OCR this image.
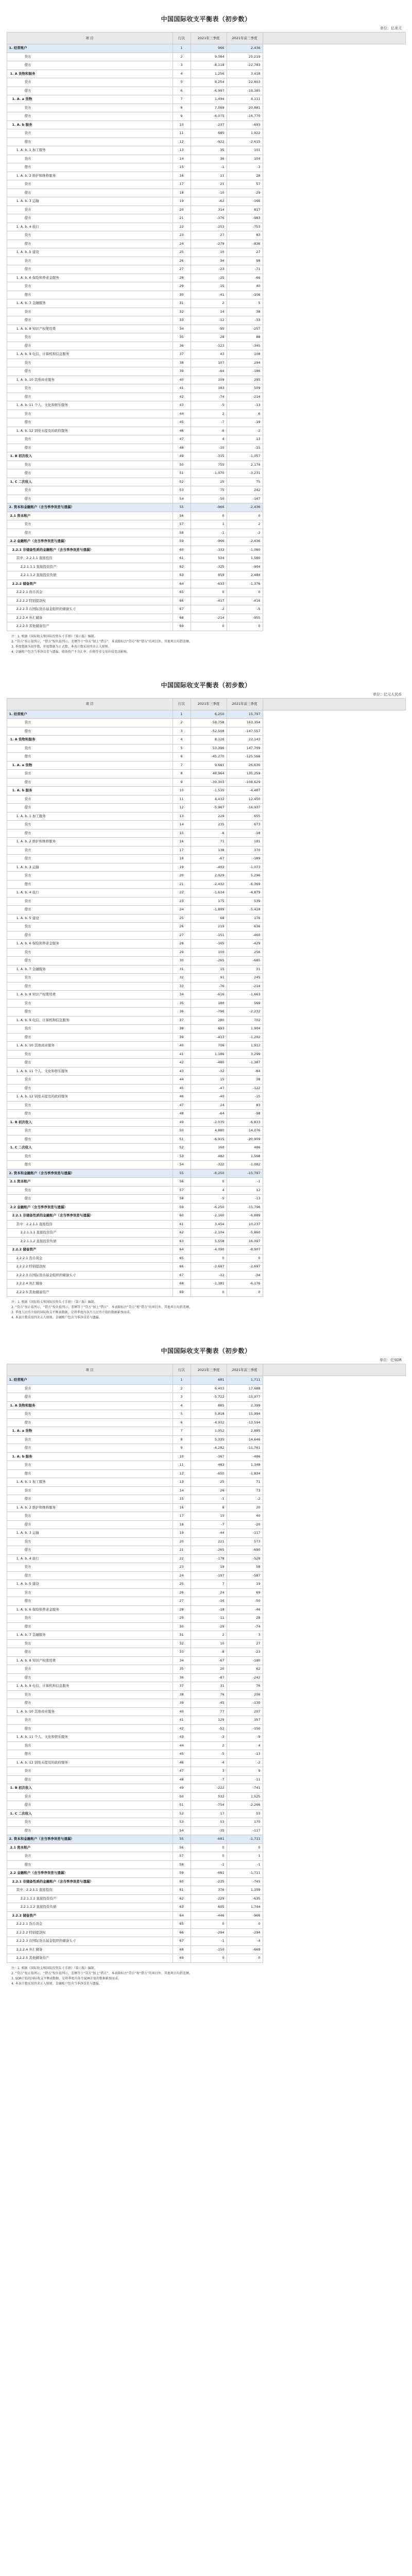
中国国际收支平衡表（初步数）
单位：亿美元
项 目	行次	2021年三季度	2021年前三季度	
1. 经常账户	1	966	2,436	
贷方	2	9,084	25,219	
借方	3	-8,118	-22,783	
1. A 货物和服务	4	1,256	3,418	
贷方	5	8,254	22,803	
借方	6	-6,997	-19,385	
1. A. a 货物	7	1,494	4,111	
贷方	8	7,569	20,881	
借方	9	-6,075	-16,770	
1. A. b 服务	10	-237	-693	
贷方	11	685	1,922	
借方	12	-922	-2,615	
1. A. b. 1 加工服务	13	35	101	
贷方	14	36	104	
借方	15	-1	-3	
1. A. b. 2 维护和维修服务	16	11	28	
贷方	17	21	57	
借方	18	-10	-29	
1. A. b. 3 运输	19	-62	-166	
贷方	20	314	817	
借方	21	-376	-983	
1. A. b. 4 旅行	22	-253	-753	
贷方	23	27	83	
借方	24	-279	-836	
1. A. b. 5 建设	25	10	27	
贷方	26	34	98	
借方	27	-23	-71	
1. A. b. 6 保险和养老金服务	28	-25	-66	
贷方	29	15	40	
借方	30	-41	-106	
1. A. b. 7 金融服务	31	2	5	
贷方	32	14	38	
借方	33	-12	-33	
1. A. b. 8 知识产权使用费	34	-95	-257	
贷方	35	28	88	
借方	36	-123	-345	
1. A. b. 9 电信、计算机和信息服务	37	43	108	
贷方	38	107	294	
借方	39	-64	-186	
1. A. b. 10 其他商业服务	40	109	295	
贷方	41	183	509	
借方	42	-74	-214	
1. A. b. 11 个人、文化和娱乐服务	43	-5	-13	
贷方	44	2	6	
借方	45	-7	-19	
1. A. b. 12 别处未提及的政府服务	46	-6	-2	
贷方	47	4	13	
借方	48	-10	-15	
1. B 初次收入	49	-315	-1,057	
贷方	50	755	2,174	
借方	51	-1,070	-3,231	
1. C 二次收入	52	25	75	
贷方	53	75	242	
借方	54	-50	-167	
2. 资本和金融账户（含当季净误差与遗漏）	55	-966	-2,436	
2.1 资本账户	56	0	0	
贷方	57	1	2	
借方	58	-1	-2	
2.2 金融账户（含当季净误差与遗漏）	59	-966	-2,436	
2.2.1 非储备性质的金融账户（含当季净误差与遗漏）	60	-333	-1,060	
其中：2.2.1.1 直接投资	61	534	1,580	
2.2.1.1.1 直接投资资产	62	-325	-904	
2.2.1.1.2 直接投资负债	63	859	2,484	
2.2.2 储备资产	64	-633	-1,376	
2.2.2.1 货币黄金	65	0	0	
2.2.2.2 特别提款权	66	-417	-416	
2.2.2.3 在国际货币基金组织的储备头寸	67	-2	-5	
2.2.2.4 外汇储备	68	-214	-955	
2.2.2.5 其他储备资产	69	0	0	

注：1. 根据《国际收支和国际投资头寸手册》（第六版）编制。

2. “贷方”按正值列示，“借方”按负值列示，差额等于“贷方”加上“借方”。本表除标注“贷方”和“借方”的项目外，其他项目均指差额。

3. 季度数据为初步数，年度数据为正式数。本表计数采用四舍五入原则。

4. 金融账户包含当季净误差与遗漏。储备资产不含汇率、价格等非交易价值变动影响。

中国国际收支平衡表（初步数）
单位：亿元人民币
项 目	行次	2021年三季度	2021年前三季度	
1. 经常账户	1	6,250	15,797	
贷方	2	58,758	163,354	
借方	3	-52,508	-147,557	
1. A 货物和服务	4	8,126	22,143	
贷方	5	53,396	147,709	
借方	6	-45,270	-125,566	
1. A. a 货物	7	9,661	26,630	
贷方	8	48,964	135,259	
借方	9	-39,303	-108,629	
1. A. b 服务	10	-1,535	-4,487	
贷方	11	4,432	12,450	
借方	12	-5,967	-16,937	
1. A. b. 1 加工服务	13	229	655	
贷方	14	235	673	
借方	15	-6	-18	
1. A. b. 2 维护和维修服务	16	71	181	
贷方	17	138	370	
借方	18	-67	-189	
1. A. b. 3 运输	19	-403	-1,073	
贷方	20	2,029	5,296	
借方	21	-2,432	-6,369	
1. A. b. 4 旅行	22	-1,634	-4,879	
贷方	23	175	539	
借方	24	-1,809	-5,418	
1. A. b. 5 建设	25	68	176	
贷方	26	219	636	
借方	27	-151	-460	
1. A. b. 6 保险和养老金服务	28	-165	-429	
贷方	29	100	256	
借方	30	-265	-685	
1. A. b. 7 金融服务	31	15	31	
贷方	32	91	245	
借方	33	-76	-214	
1. A. b. 8 知识产权使用费	34	-616	-1,663	
贷方	35	180	569	
借方	36	-796	-2,232	
1. A. b. 9 电信、计算机和信息服务	37	280	702	
贷方	38	693	1,904	
借方	39	-413	-1,202	
1. A. b. 10 其他商业服务	40	706	1,912	
贷方	41	1,186	3,299	
借方	42	-480	-1,387	
1. A. b. 11 个人、文化和娱乐服务	43	-32	-84	
贷方	44	15	38	
借方	45	-47	-122	
1. A. b. 12 别处未提及的政府服务	46	-40	-15	
贷方	47	24	83	
借方	48	-64	-98	
1. B 初次收入	49	-2,035	-6,833	
贷方	50	4,880	14,076	
借方	51	-6,915	-20,909	
1. C 二次收入	52	160	486	
贷方	53	482	1,568	
借方	54	-322	-1,082	
2. 资本和金融账户（含当季净误差与遗漏）	55	-6,250	-15,797	
2.1 资本账户	56	0	-1	
贷方	57	4	12	
借方	58	-5	-13	
2.2 金融账户（含当季净误差与遗漏）	59	-6,250	-15,796	
2.2.1 非储备性质的金融账户（含当季净误差与遗漏）	60	-2,160	-6,889	
其中：2.2.1.1 直接投资	61	3,454	10,237	
2.2.1.1.1 直接投资资产	62	-2,104	-5,860	
2.2.1.1.2 直接投资负债	63	5,558	16,097	
2.2.2 储备资产	64	-4,090	-8,907	
2.2.2.1 货币黄金	65	0	0	
2.2.2.2 特别提款权	66	-2,697	-2,697	
2.2.2.3 在国际货币基金组织的储备头寸	67	-12	-34	
2.2.2.4 外汇储备	68	-1,381	-6,176	
2.2.2.5 其他储备资产	69	0	0	

注：1. 根据《国际收支和国际投资头寸手册》（第六版）编制。

2. “贷方”按正值列示，“借方”按负值列示，差额等于“贷方”加上“借方”。本表除标注“贷方”和“借方”的项目外，其他项目均指差额。

3. 季度人民币计值的国际收支平衡表数据，是将季度内各月人民币计值的数据累加而成。

4. 本表计数采用四舍五入原则。金融账户包含当季净误差与遗漏。

中国国际收支平衡表（初步数）
单位：亿SDR
项 目	行次	2021年三季度	2021年前三季度	
1. 经常账户	1	681	1,711	
贷方	2	6,403	17,688	
借方	3	-5,722	-15,977	
1. A 货物和服务	4	885	2,399	
贷方	5	5,818	15,994	
借方	6	-4,932	-13,594	
1. A. a 货物	7	1,052	2,885	
贷方	8	5,335	14,646	
借方	9	-4,282	-11,761	
1. A. b 服务	10	-167	-486	
贷方	11	483	1,348	
借方	12	-650	-1,834	
1. A. b. 1 加工服务	13	25	71	
贷方	14	26	73	
借方	15	-1	-2	
1. A. b. 2 维护和维修服务	16	8	20	
贷方	17	15	40	
借方	18	-7	-20	
1. A. b. 3 运输	19	-44	-117	
贷方	20	221	573	
借方	21	-265	-690	
1. A. b. 4 旅行	22	-178	-528	
贷方	23	19	58	
借方	24	-197	-587	
1. A. b. 5 建设	25	7	19	
贷方	26	24	69	
借方	27	-16	-50	
1. A. b. 6 保险和养老金服务	28	-18	-46	
贷方	29	11	28	
借方	30	-29	-74	
1. A. b. 7 金融服务	31	2	3	
贷方	32	10	27	
借方	33	-8	-23	
1. A. b. 8 知识产权使用费	34	-67	-180	
贷方	35	20	62	
借方	36	-87	-242	
1. A. b. 9 电信、计算机和信息服务	37	31	76	
贷方	38	76	206	
借方	39	-45	-130	
1. A. b. 10 其他商业服务	40	77	207	
贷方	41	129	357	
借方	42	-52	-150	
1. A. b. 11 个人、文化和娱乐服务	43	-3	-9	
贷方	44	2	4	
借方	45	-5	-13	
1. A. b. 12 别处未提及的政府服务	46	-4	-2	
贷方	47	3	9	
借方	48	-7	-11	
1. B 初次收入	49	-222	-741	
贷方	50	532	1,525	
借方	51	-754	-2,266	
1. C 二次收入	52	17	53	
贷方	53	53	170	
借方	54	-35	-117	
2. 资本和金融账户（含当季净误差与遗漏）	55	-681	-1,711	
2.1 资本账户	56	0	0	
贷方	57	0	1	
借方	58	-1	-1	
2.2 金融账户（含当季净误差与遗漏）	59	-681	-1,711	
2.2.1 非储备性质的金融账户（含当季净误差与遗漏）	60	-235	-745	
其中：2.2.1.1 直接投资	61	376	1,109	
2.2.1.1.1 直接投资资产	62	-229	-635	
2.2.1.1.2 直接投资负债	63	605	1,744	
2.2.2 储备资产	64	-446	-966	
2.2.2.1 货币黄金	65	0	0	
2.2.2.2 特别提款权	66	-294	-294	
2.2.2.3 在国际货币基金组织的储备头寸	67	-1	-4	
2.2.2.4 外汇储备	68	-150	-669	
2.2.2.5 其他储备资产	69	0	0	

注：1. 根据《国际收支和国际投资头寸手册》（第六版）编制。

2. “贷方”按正值列示，“借方”按负值列示，差额等于“贷方”加上“借方”。本表除标注“贷方”和“借方”的项目外，其他项目均指差额。

3. SDR计值的国际收支平衡表数据，是将季度内各月SDR计值的数据累加而成。

4. 本表计数采用四舍五入原则。金融账户包含当季净误差与遗漏。
